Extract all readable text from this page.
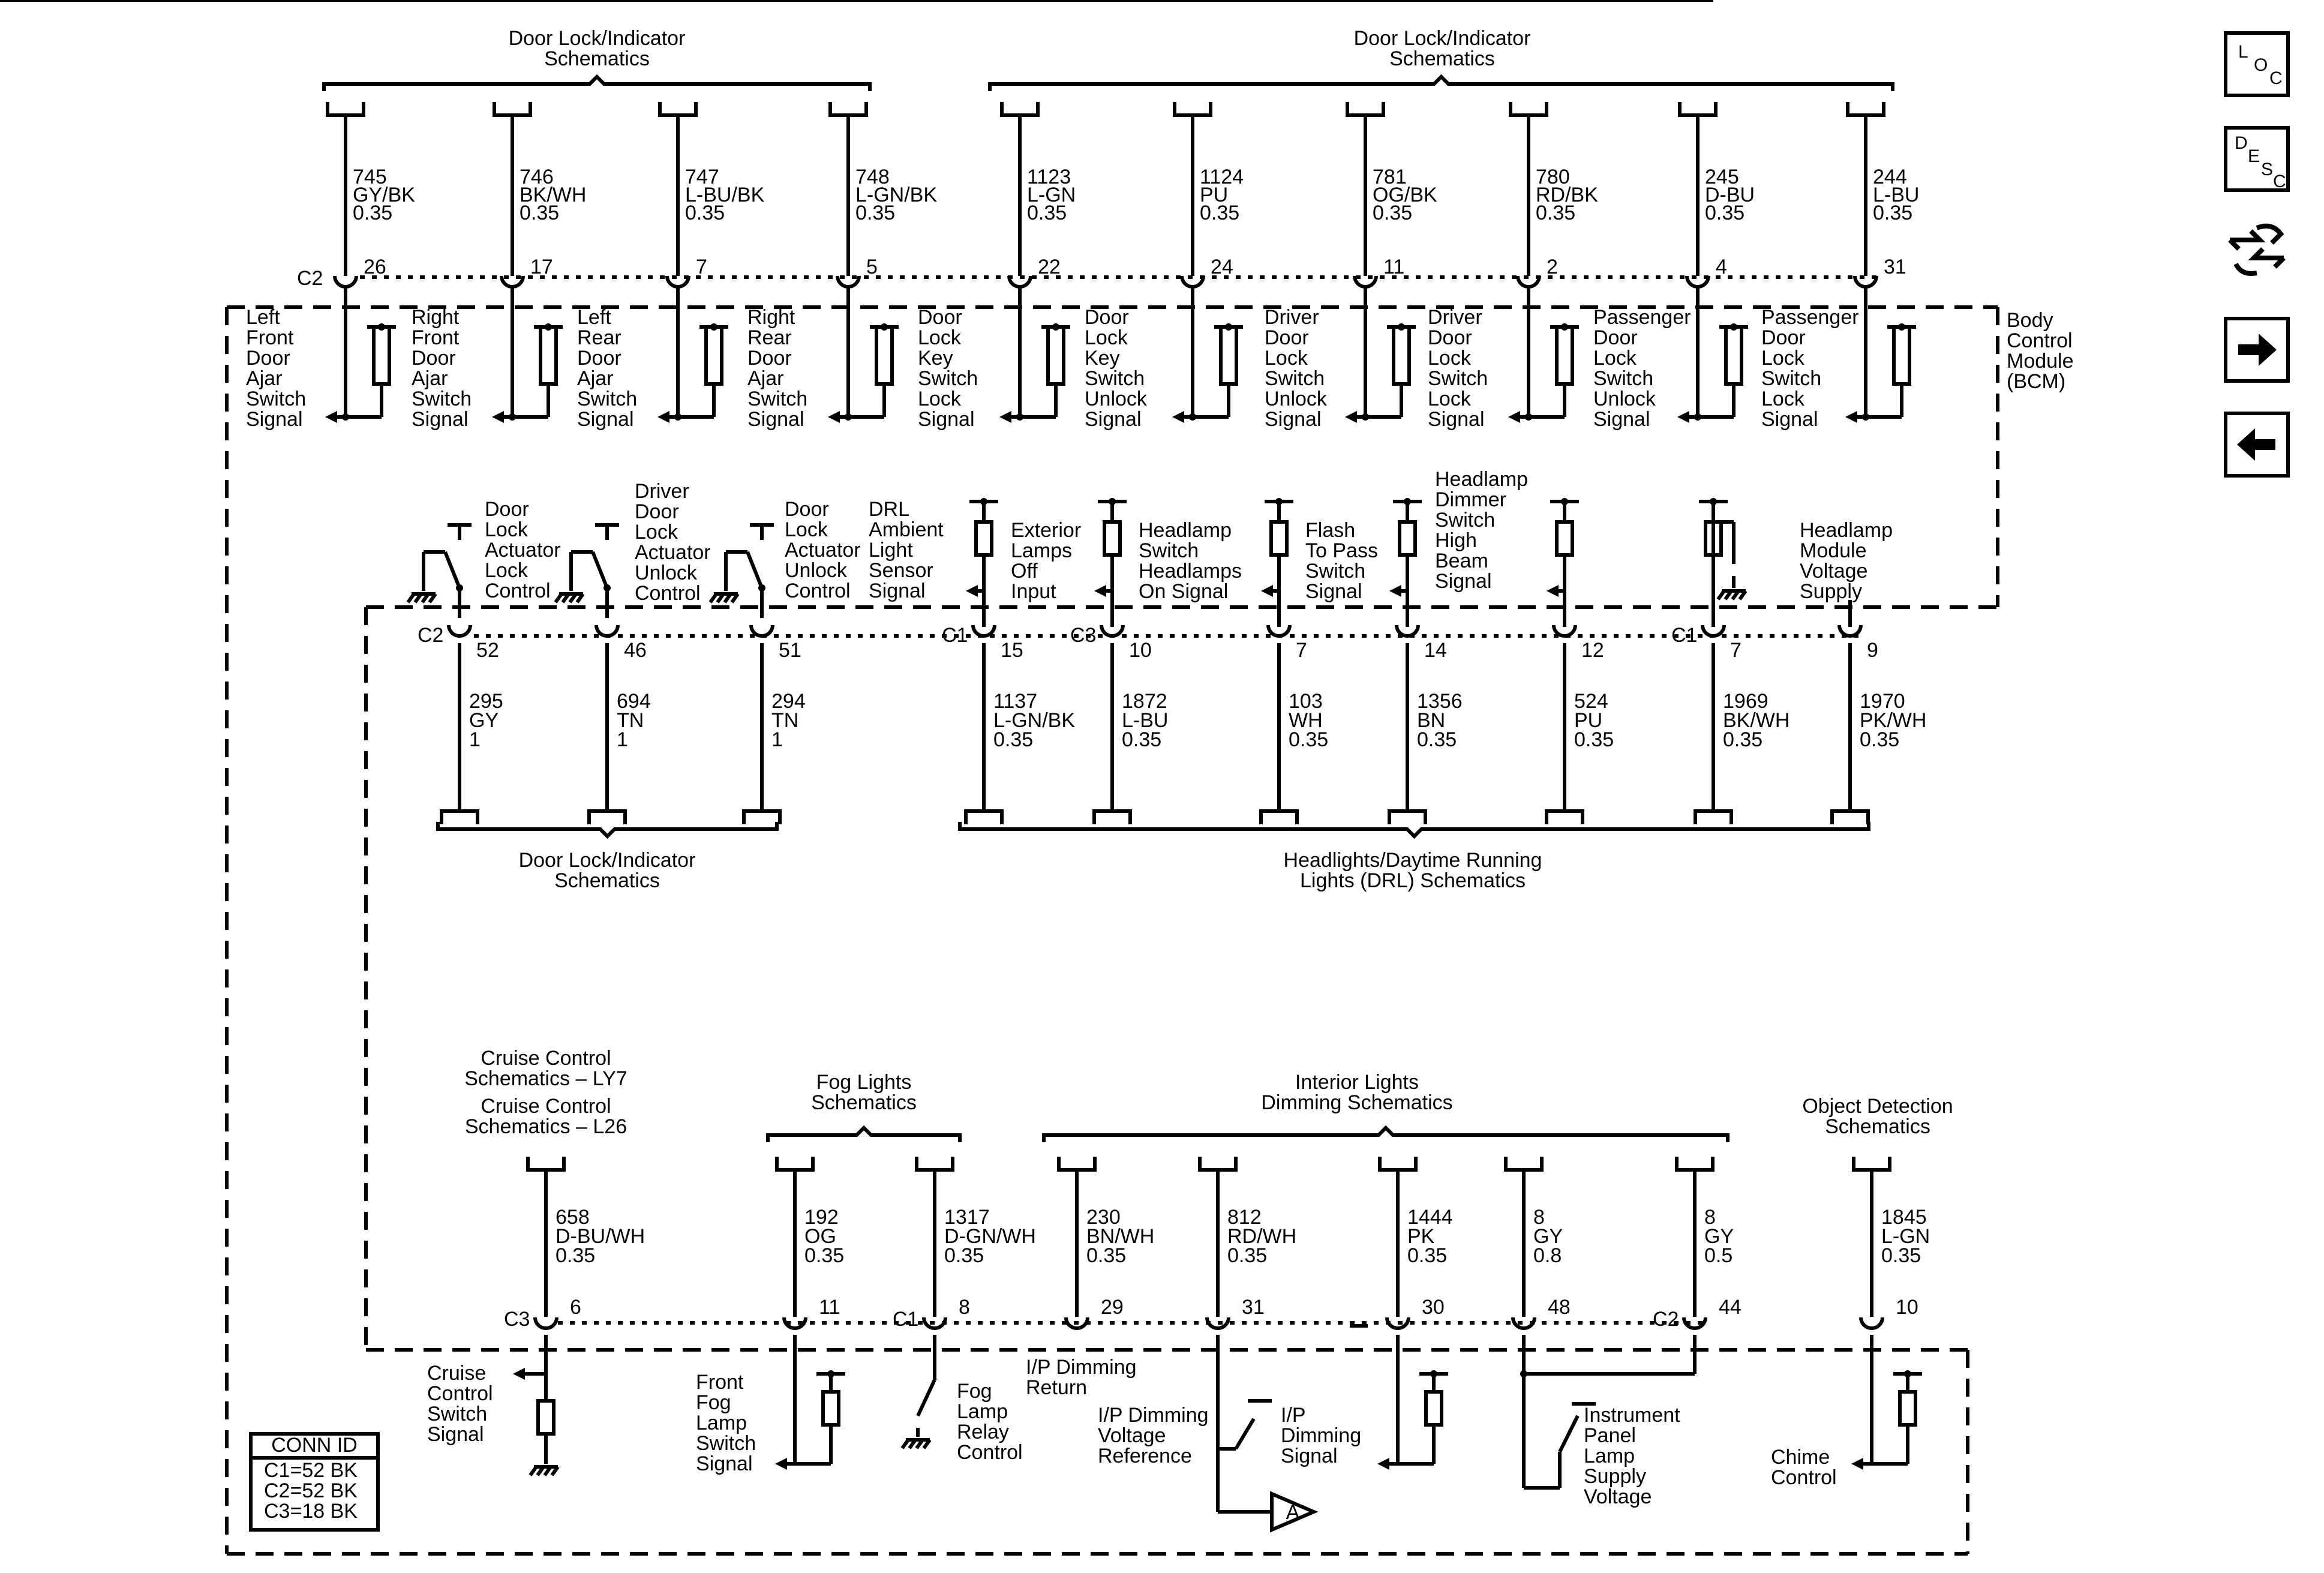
Body
Control
Module
(BCM)
Door Lock/Indicator
Schematics
Door Lock/Indicator
Schematics
C2
745
GY/BK
0.35
26
Left
Front
Door
Ajar
Switch
Signal
746
BK/WH
0.35
17
Right
Front
Door
Ajar
Switch
Signal
747
L-BU/BK
0.35
7
Left
Rear
Door
Ajar
Switch
Signal
748
L-GN/BK
0.35
5
Right
Rear
Door
Ajar
Switch
Signal
1123
L-GN
0.35
22
Door
Lock
Key
Switch
Lock
Signal
1124
PU
0.35
24
Door
Lock
Key
Switch
Unlock
Signal
781
OG/BK
0.35
11
Driver
Door
Lock
Switch
Unlock
Signal
780
RD/BK
0.35
2
Driver
Door
Lock
Switch
Lock
Signal
245
D-BU
0.35
4
Passenger
Door
Lock
Switch
Unlock
Signal
244
L-BU
0.35
31
Passenger
Door
Lock
Switch
Lock
Signal
52
C2
295
GY
1
46
694
TN
1
51
294
TN
1
15
C1
1137
L-GN/BK
0.35
10
C3
1872
L-BU
0.35
7
103
WH
0.35
14
1356
BN
0.35
12
524
PU
0.35
7
C1
1969
BK/WH
0.35
9
1970
PK/WH
0.35
Door
Lock
Actuator
Lock
Control
Driver
Door
Lock
Actuator
Unlock
Control
Door
Lock
Actuator
Unlock
Control
DRL
Ambient
Light
Sensor
Signal
Exterior
Lamps
Off
Input
Headlamp
Switch
Headlamps
On Signal
Flash
To Pass
Switch
Signal
Headlamp
Dimmer
Switch
High
Beam
Signal
Headlamp
Module
Voltage
Supply
Door Lock/Indicator
Schematics
Headlights/Daytime Running
Lights (DRL) Schematics
Cruise Control
Schematics – LY7
Cruise Control
Schematics – L26
Fog Lights
Schematics
Interior Lights
Dimming Schematics	Object Detection
Schematics
658
D-BU/WH
0.35
6
C3
192
OG
0.35
11
1317
D-GN/WH
0.35
8
C1
230
BN/WH
0.35
29
812
RD/WH
0.35
31
1444
PK
0.35
30
8
GY
0.8
48
8
GY
0.5
44
C2
1845
L-GN
0.35
10
Cruise
Control
Switch
Signal
Front
Fog
Lamp
Switch
Signal
Fog
Lamp
Relay
Control
I/P Dimming
Return
A
I/P Dimming
Voltage
Reference
I/P
Dimming
Signal
Instrument
Panel
Lamp
Supply
Voltage
Chime
Control
CONN ID
C1=52 BK
C2=52 BK
C3=18 BK
L
O
C
D
E
S
C
